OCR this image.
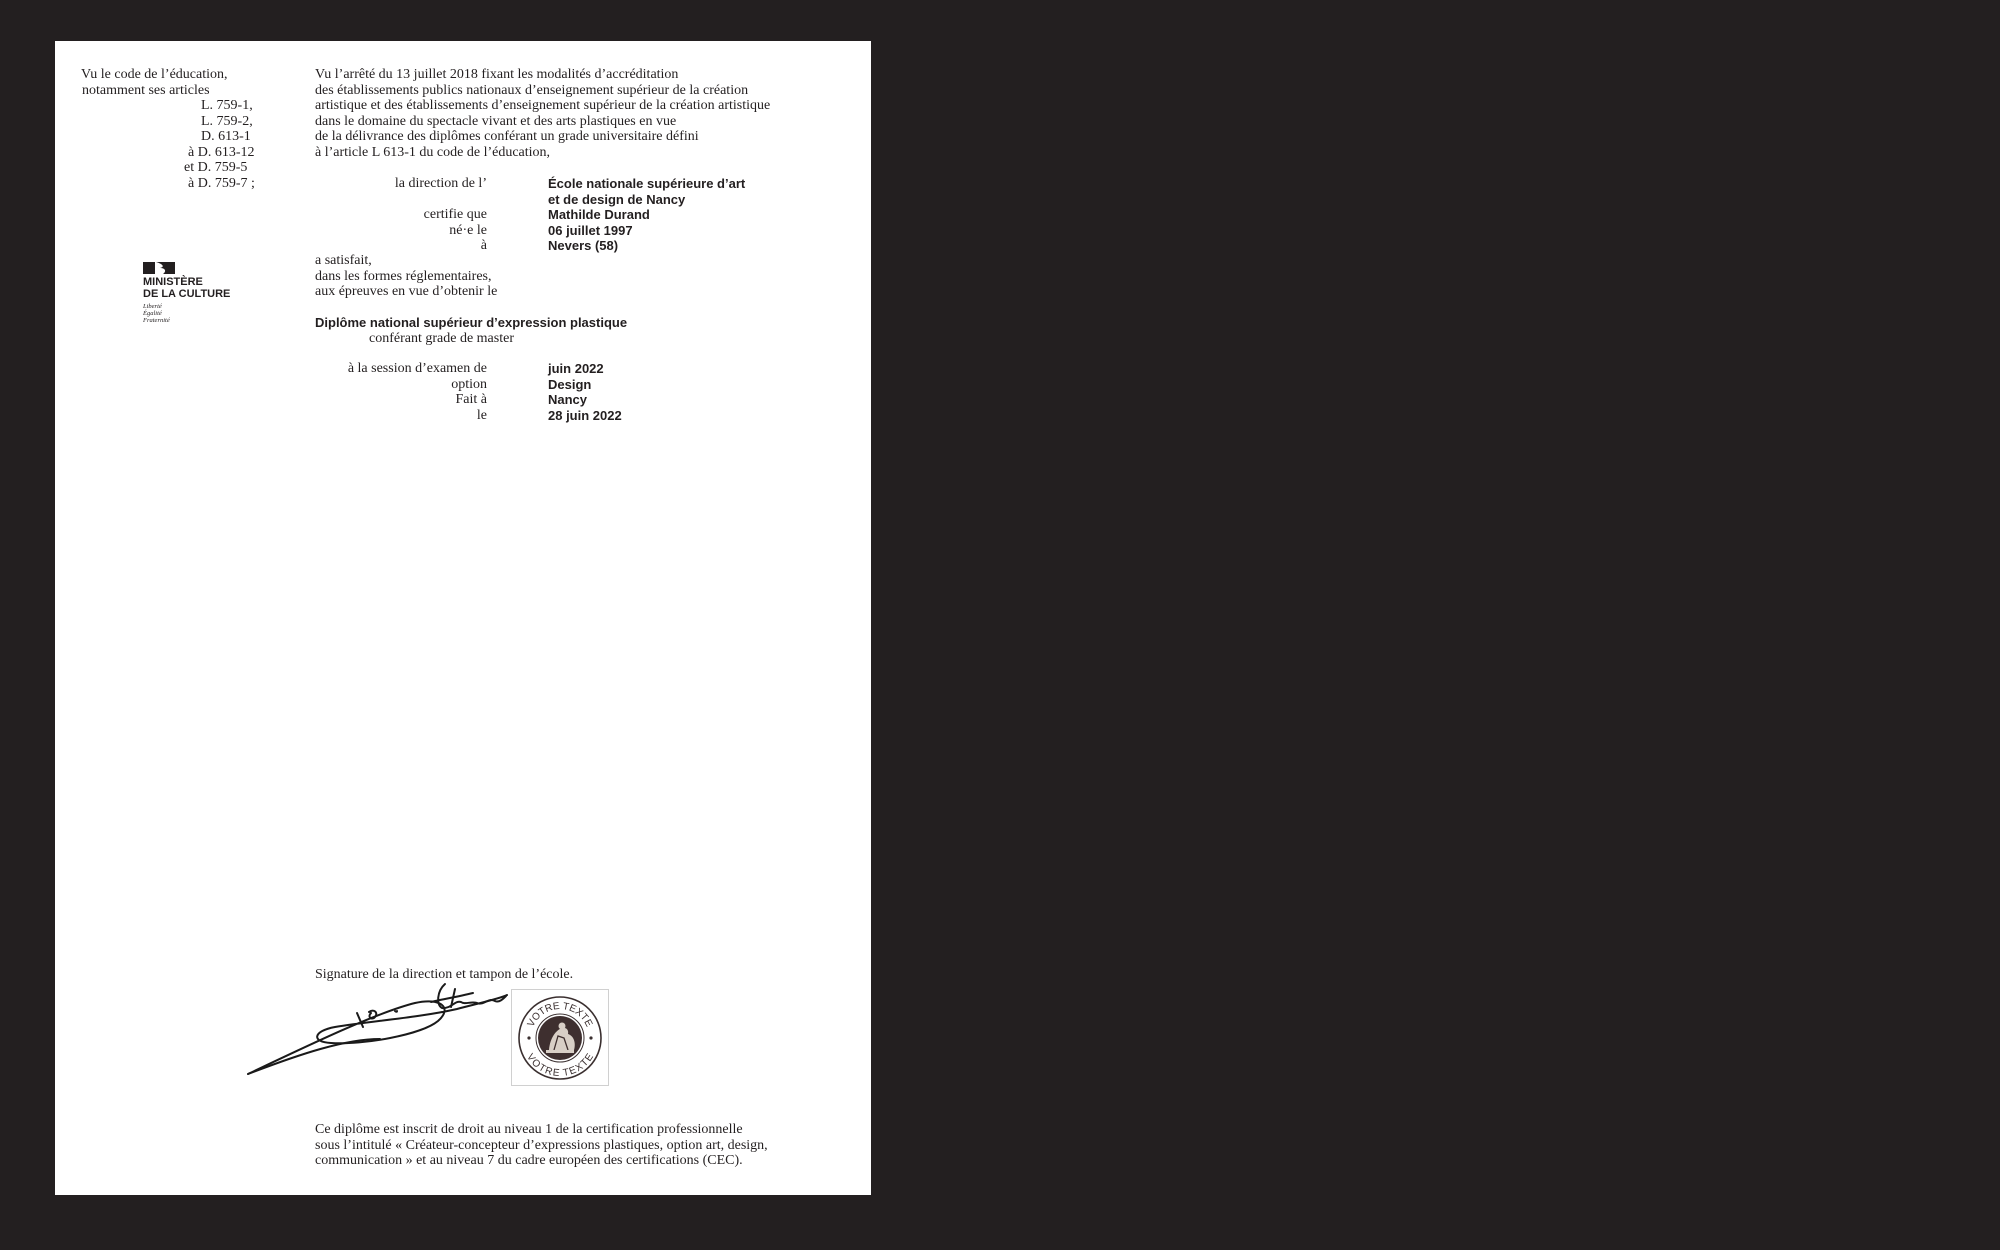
Vu le code de l’éducation,
notamment ses articles
L. 759-1,
L. 759-2,
D. 613-1
à D. 613-12
et D. 759-5
à D. 759-7 ;
MINISTÈRE
DE LA CULTURE
Liberté
Égalité
Fraternité
Vu l’arrêté du 13 juillet 2018 fixant les modalités d’accréditation
des établissements publics nationaux d’enseignement supérieur de la création
artistique et des établissements d’enseignement supérieur de la création artistique
dans le domaine du spectacle vivant et des arts plastiques en vue
de la délivrance des diplômes conférant un grade universitaire défini
à l’article L 613-1 du code de l’éducation,
la direction de l’	École nationale supérieure d’art
et de design de Nancy
certifie que	Mathilde Durand
né·e le	06 juillet 1997
à	Nevers (58)
a satisfait,
dans les formes réglementaires,
aux épreuves en vue d’obtenir le
Diplôme national supérieur d’expression plastique
conférant grade de master
à la session d’examen de	juin 2022
option	Design
Fait à	Nancy
le	28 juin 2022
Signature de la direction et tampon de l’école.
VOTRE TEXTE
VOTRE TEXTE
Ce diplôme est inscrit de droit au niveau 1 de la certification professionnelle
sous l’intitulé « Créateur-concepteur d’expressions plastiques, option art, design,
communication » et au niveau 7 du cadre européen des certifications (CEC).
